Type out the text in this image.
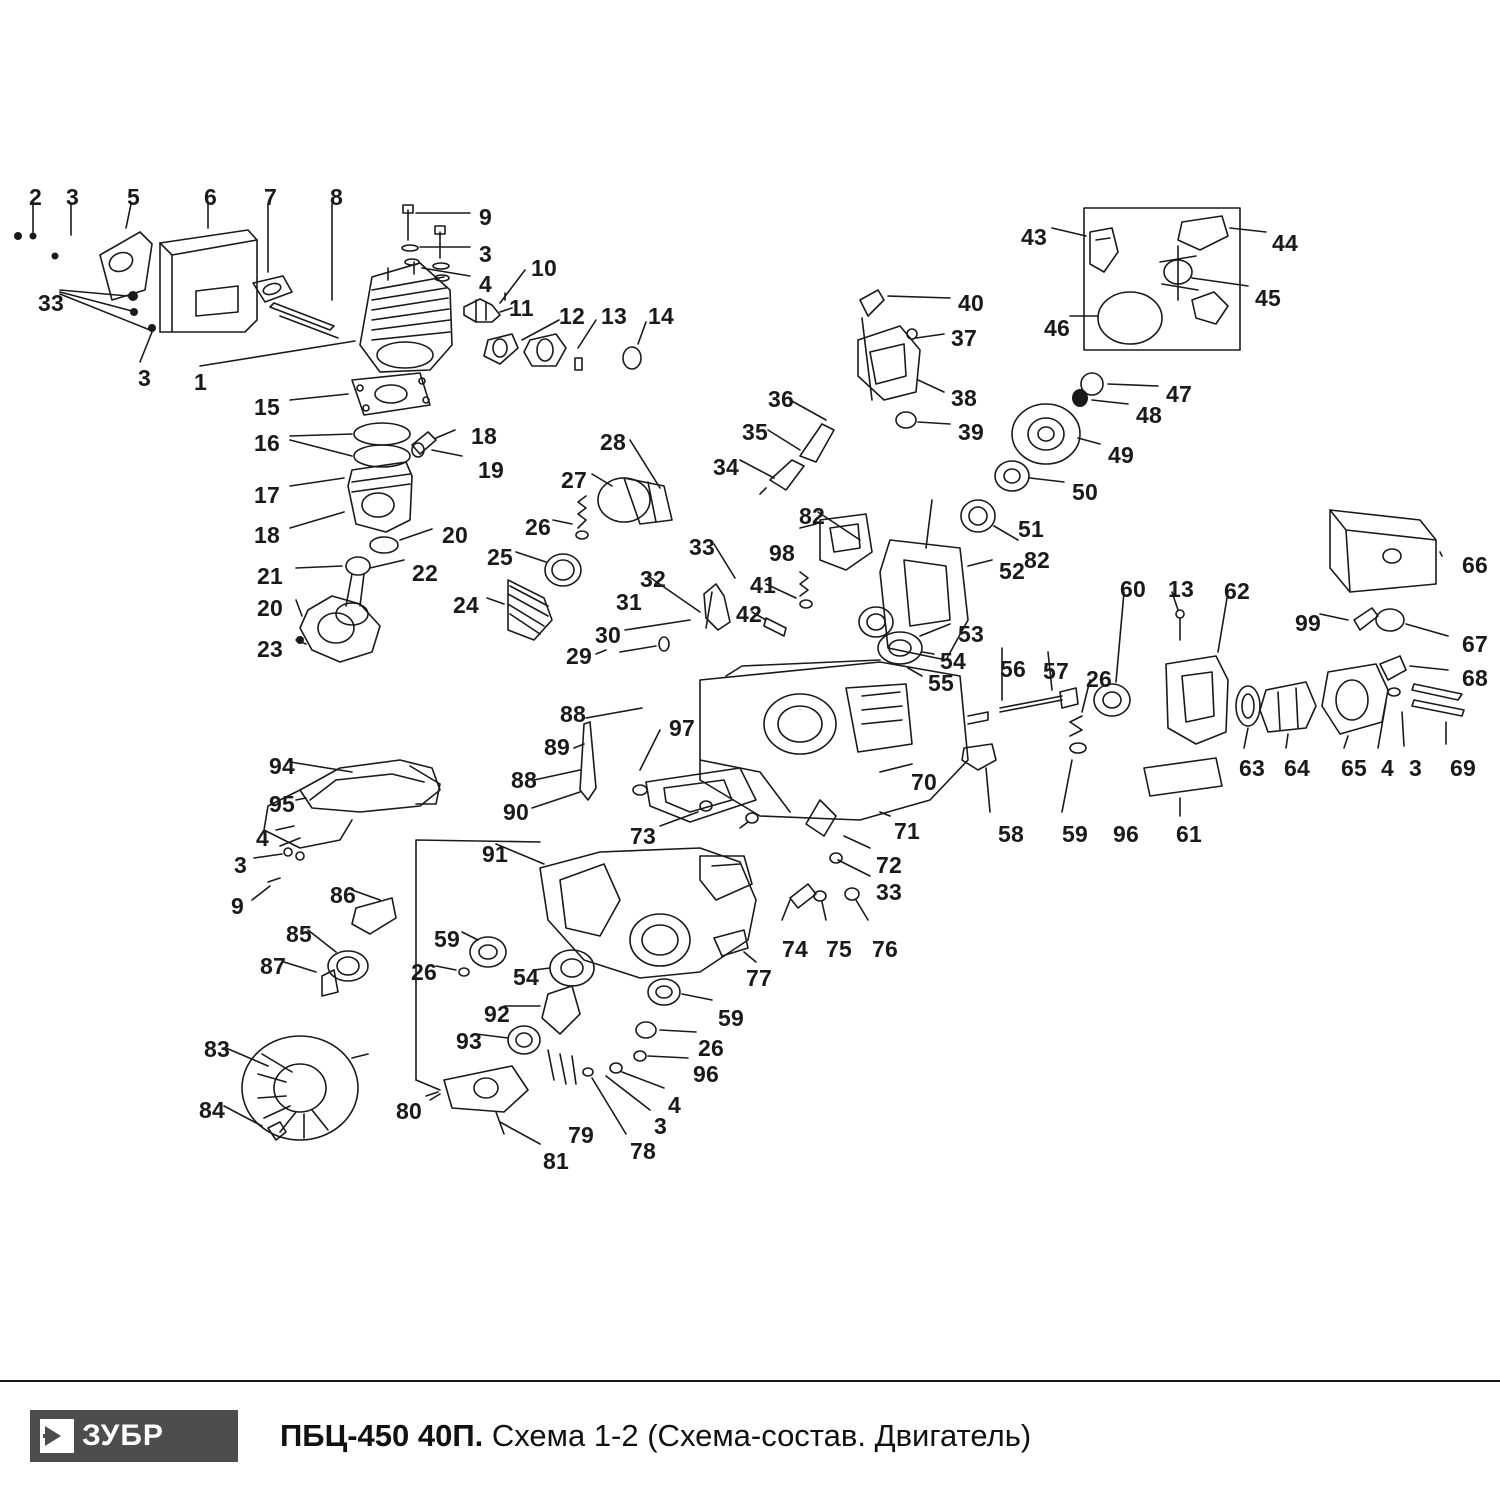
2 3 5	6 7 8
9
3
4
10
11 12 13 14
33
3 1
15
16	18
19
17
18	20
21	22
20
23
24
25
26
27
28
29
30
31
32
33
41
42
98
82
34
35
36
37
38
39
40
43	44
45
46
47
48
49
50
51
82
52
53
54
55
56 57 26
60 13 62
99
66
67
68
63 64 65 4 3 69
58 59 96 61
70
71
72
33
88
89
97
88
90
73
91
94
95
4
3
9	86
85
87
59
26	54
92
93
59
26
96
4
3
78
79
81
80
83
84
74 75 76
77
ЗУБР	ПБЦ-450 40П. Схема 1-2 (Схема-состав. Двигатель)
